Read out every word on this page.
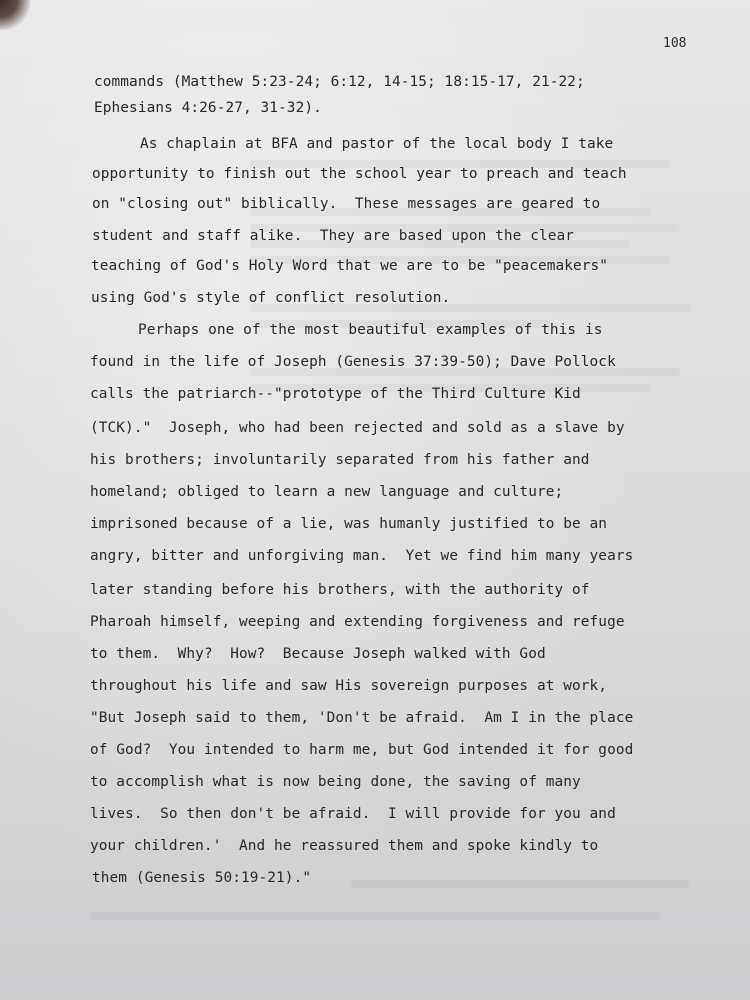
108
commands (Matthew 5:23-24; 6:12, 14-15; 18:15-17, 21-22;
Ephesians 4:26-27, 31-32).
As chaplain at BFA and pastor of the local body I take
opportunity to finish out the school year to preach and teach
on "closing out" biblically.  These messages are geared to
student and staff alike.  They are based upon the clear
teaching of God's Holy Word that we are to be "peacemakers"
using God's style of conflict resolution.
Perhaps one of the most beautiful examples of this is
found in the life of Joseph (Genesis 37:39-50); Dave Pollock
calls the patriarch--"prototype of the Third Culture Kid
(TCK)."  Joseph, who had been rejected and sold as a slave by
his brothers; involuntarily separated from his father and
homeland; obliged to learn a new language and culture;
imprisoned because of a lie, was humanly justified to be an
angry, bitter and unforgiving man.  Yet we find him many years
later standing before his brothers, with the authority of
Pharoah himself, weeping and extending forgiveness and refuge
to them.  Why?  How?  Because Joseph walked with God
throughout his life and saw His sovereign purposes at work,
"But Joseph said to them, 'Don't be afraid.  Am I in the place
of God?  You intended to harm me, but God intended it for good
to accomplish what is now being done, the saving of many
lives.  So then don't be afraid.  I will provide for you and
your children.'  And he reassured them and spoke kindly to
them (Genesis 50:19-21)."
